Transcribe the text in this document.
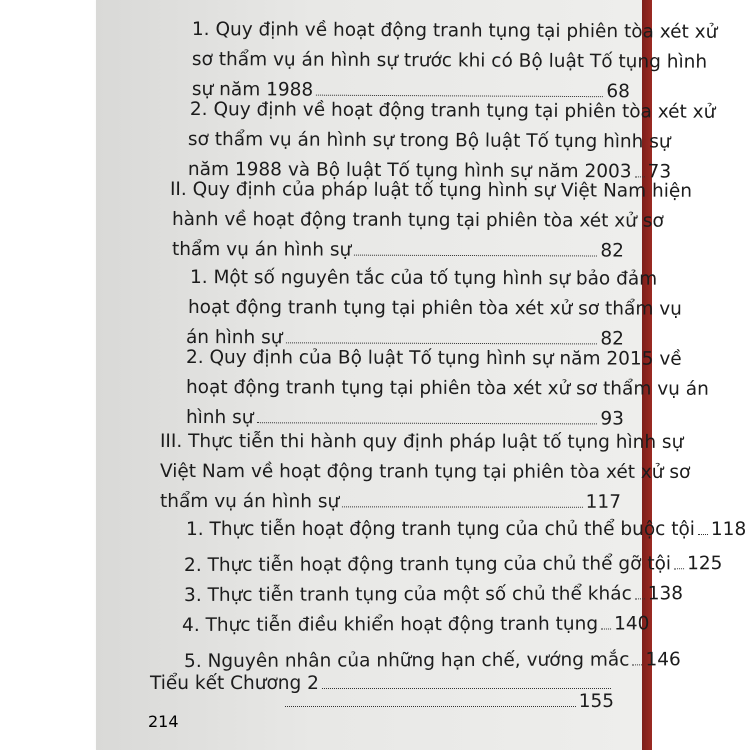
1. Quy định về hoạt động tranh tụng tại phiên tòa xét xử
sơ thẩm vụ án hình sự trước khi có Bộ luật Tố tụng hình
sự năm 1988	68
2. Quy định về hoạt động tranh tụng tại phiên tòa xét xử
sơ thẩm vụ án hình sự trong Bộ luật Tố tụng hình sự
năm 1988 và Bộ luật Tố tụng hình sự năm 2003 73
II. Quy định của pháp luật tố tụng hình sự Việt Nam hiện
hành về hoạt động tranh tụng tại phiên tòa xét xử sơ
thẩm vụ án hình sự	82
1. Một số nguyên tắc của tố tụng hình sự bảo đảm
hoạt động tranh tụng tại phiên tòa xét xử sơ thẩm vụ
án hình sự	82
2. Quy định của Bộ luật Tố tụng hình sự năm 2015 về
hoạt động tranh tụng tại phiên tòa xét xử sơ thẩm vụ án
hình sự	93
III. Thực tiễn thi hành quy định pháp luật tố tụng hình sự
Việt Nam về hoạt động tranh tụng tại phiên tòa xét xử sơ
thẩm vụ án hình sự	117
1. Thực tiễn hoạt động tranh tụng của chủ thể buộc tội 118
2. Thực tiễn hoạt động tranh tụng của chủ thể gỡ tội 125
3. Thực tiễn tranh tụng của một số chủ thể khác 138
4. Thực tiễn điều khiển hoạt động tranh tụng 140
5. Nguyên nhân của những hạn chế, vướng mắc 146
Tiểu kết Chương 2
155
214
